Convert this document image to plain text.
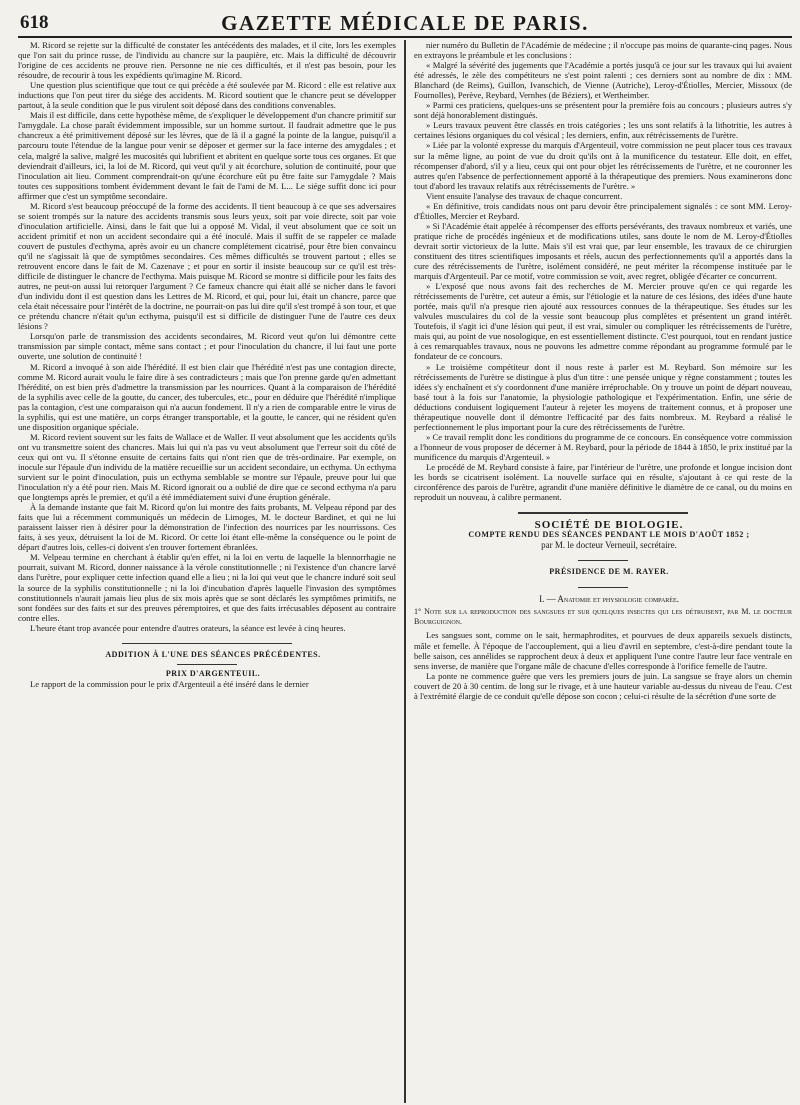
618	GAZETTE MÉDICALE DE PARIS.

M. Ricord se rejette sur la difficulté de constater les antécédents des malades, et il cite, lors les exemples que l'on sait du prince russe, de l'individu au chancre sur la paupière, etc. Mais la difficulté de découvrir l'origine de ces accidents ne prouve rien. Personne ne nie ces difficultés, et il n'est pas besoin, pour les résoudre, de recourir à tous les expédients qu'imagine M. Ricord.

Une question plus scientifique que tout ce qui précède a été soulevée par M. Ricord : elle est relative aux inductions que l'on peut tirer du siége des accidents. M. Ricord soutient que le chancre peut se développer partout, à la seule condition que le pus virulent soit déposé dans des conditions convenables.

Mais il est difficile, dans cette hypothèse même, de s'expliquer le développement d'un chancre primitif sur l'amygdale. La chose paraît évidemment impossible, sur un homme surtout. Il faudrait admettre que le pus chancreux a été primitivement déposé sur les lèvres, que de là il a gagné la pointe de la langue, puisqu'il a parcouru toute l'étendue de la langue pour venir se déposer et germer sur la face interne des amygdales ; et cela, malgré la salive, malgré les mucosités qui lubrifient et abritent en quelque sorte tous ces organes. Et que deviendrait d'ailleurs, ici, la loi de M. Ricord, qui veut qu'il y ait écorchure, solution de continuité, pour que l'inoculation ait lieu. Comment comprendrait-on qu'une écorchure eût pu être faite sur l'amygdale ? Mais toutes ces suppositions tombent évidemment devant le fait de l'ami de M. L... Le siége suffit donc ici pour affirmer que c'est un symptôme secondaire.

M. Ricord s'est beaucoup préoccupé de la forme des accidents. Il tient beaucoup à ce que ses adversaires se soient trompés sur la nature des accidents transmis sous leurs yeux, soit par voie directe, soit par voie d'inoculation artificielle. Ainsi, dans le fait que lui a opposé M. Vidal, il veut absolument que ce soit un accident primitif et non un accident secondaire qui a été inoculé. Mais il suffit de se rappeler ce malade couvert de pustules d'ecthyma, après avoir eu un chancre complétement cicatrisé, pour être bien convaincu qu'il ne s'agissait là que de symptômes secondaires. Ces mêmes difficultés se trouvent partout ; elles se retrouvent encore dans le fait de M. Cazenave ; et pour en sortir il insiste beaucoup sur ce qu'il est très-difficile de distinguer le chancre de l'ecthyma. Mais puisque M. Ricord se montre si difficile pour les faits des autres, ne peut-on aussi lui retorquer l'argument ? Ce fameux chancre qui était allé se nicher dans le favori d'un individu dont il est question dans les Lettres de M. Ricord, et qui, pour lui, était un chancre, parce que cela était nécessaire pour l'intérêt de la doctrine, ne pourrait-on pas lui dire qu'il s'est trompé à son tour, et que ce prétendu chancre n'était qu'un ecthyma, puisqu'il est si difficile de distinguer l'une de l'autre ces deux lésions ?

Lorsqu'on parle de transmission des accidents secondaires, M. Ricord veut qu'on lui démontre cette transmission par simple contact, même sans contact ; et pour l'inoculation du chancre, il lui faut une porte ouverte, une solution de continuité !

M. Ricord a invoqué à son aide l'hérédité. Il est bien clair que l'hérédité n'est pas une contagion directe, comme M. Ricord aurait voulu le faire dire à ses contradicteurs ; mais que l'on prenne garde qu'en admettant l'hérédité, on est bien près d'admettre la transmission par les nourrices. Quant à la comparaison de l'hérédité de la syphilis avec celle de la goutte, du cancer, des tubercules, etc., pour en déduire que l'hérédité n'implique pas la contagion, c'est une comparaison qui n'a aucun fondement. Il n'y a rien de comparable entre le virus de la syphilis, qui est une matière, un corps étranger transportable, et la goutte, le cancer, qui ne résident qu'en une disposition organique spéciale.

M. Ricord revient souvent sur les faits de Wallace et de Waller. Il veut absolument que les accidents qu'ils ont vu transmettre soient des chancres. Mais lui qui n'a pas vu veut absolument que l'erreur soit du côté de ceux qui ont vu. Il s'étonne ensuite de certains faits qui n'ont rien que de très-ordinaire. Par exemple, on inocule sur l'épaule d'un individu de la matière recueillie sur un accident secondaire, un ecthyma. Un ecthyma survient sur le point d'inoculation, puis un ecthyma semblable se montre sur l'épaule, preuve pour lui que l'inoculation n'y a été pour rien. Mais M. Ricord ignorait ou a oublié de dire que ce second ecthyma n'a paru que longtemps après le premier, et qu'il a été immédiatement suivi d'une éruption générale.

À la demande instante que fait M. Ricord qu'on lui montre des faits probants, M. Velpeau répond par des faits que lui a récemment communiqués un médecin de Limoges, M. le docteur Bardinet, et qui ne lui paraissent laisser rien à désirer pour la démonstration de l'infection des nourrices par les nourrissons. Ces faits, à ses yeux, détruisent la loi de M. Ricord. Or cette loi étant elle-même la conséquence ou le point de départ d'autres lois, celles-ci doivent s'en trouver fortement ébranlées.

M. Velpeau termine en cherchant à établir qu'en effet, ni la loi en vertu de laquelle la blennorrhagie ne pourrait, suivant M. Ricord, donner naissance à la vérole constitutionnelle ; ni l'existence d'un chancre larvé dans l'urètre, pour expliquer cette infection quand elle a lieu ; ni la loi qui veut que le chancre induré soit seul la source de la syphilis constitutionnelle ; ni la loi d'incubation d'après laquelle l'invasion des symptômes constitutionnels n'aurait jamais lieu plus de six mois après que se sont déclarés les symptômes primitifs, ne sont fondées sur des faits et sur des preuves péremptoires, et que des faits irrécusables déposent au contraire contre elles.

L'heure étant trop avancée pour entendre d'autres orateurs, la séance est levée à cinq heures.

ADDITION À L'UNE DES SÉANCES PRÉCÉDENTES.

PRIX D'ARGENTEUIL.

Le rapport de la commission pour le prix d'Argenteuil a été inséré dans le dernier

nier numéro du Bulletin de l'Académie de médecine ; il n'occupe pas moins de quarante-cinq pages. Nous en extrayons le préambule et les conclusions :

« Malgré la sévérité des jugements que l'Académie a portés jusqu'à ce jour sur les travaux qui lui avaient été adressés, le zèle des compétiteurs ne s'est point ralenti ; ces derniers sont au nombre de dix : MM. Blanchard (de Reims), Guillon, Ivanschich, de Vienne (Autriche), Leroy-d'Étiolles, Mercier, Missoux (de Fournolles), Perève, Reybard, Vernhes (de Béziers), et Wertheimber.

» Parmi ces praticiens, quelques-uns se présentent pour la première fois au concours ; plusieurs autres s'y sont déjà honorablement distingués.

» Leurs travaux peuvent être classés en trois catégories ; les uns sont relatifs à la lithotritie, les autres à certaines lésions organiques du col vésical ; les derniers, enfin, aux rétrécissements de l'urètre.

» Liée par la volonté expresse du marquis d'Argenteuil, votre commission ne peut placer tous ces travaux sur la même ligne, au point de vue du droit qu'ils ont à la munificence du testateur. Elle doit, en effet, récompenser d'abord, s'il y a lieu, ceux qui ont pour objet les rétrécissements de l'urètre, et ne couronner les autres qu'en l'absence de perfectionnement apporté à la thérapeutique des premiers. Nous examinerons donc tout d'abord les travaux relatifs aux rétrécissements de l'urètre. »

Vient ensuite l'analyse des travaux de chaque concurrent.

« En définitive, trois candidats nous ont paru devoir être principalement signalés : ce sont MM. Leroy-d'Étiolles, Mercier et Reybard.

» Si l'Académie était appelée à récompenser des efforts persévérants, des travaux nombreux et variés, une pratique riche de procédés ingénieux et de modifications utiles, sans doute le nom de M. Leroy-d'Étiolles devrait sortir victorieux de la lutte. Mais s'il est vrai que, par leur ensemble, les travaux de ce chirurgien constituent des titres scientifiques imposants et réels, aucun des perfectionnements qu'il a apportés dans la cure des rétrécissements de l'urètre, isolément considéré, ne peut mériter la récompense instituée par le marquis d'Argenteuil. Par ce motif, votre commission se voit, avec regret, obligée d'écarter ce concurrent.

» L'exposé que nous avons fait des recherches de M. Mercier prouve qu'en ce qui regarde les rétrécissements de l'urètre, cet auteur a émis, sur l'étiologie et la nature de ces lésions, des idées d'une haute portée, mais qu'il n'a presque rien ajouté aux ressources connues de la thérapeutique. Ses études sur les valvules musculaires du col de la vessie sont beaucoup plus complètes et présentent un grand intérêt. Toutefois, il s'agit ici d'une lésion qui peut, il est vrai, simuler ou compliquer les rétrécissements de l'urètre, mais qui, au point de vue nosologique, en est essentiellement distincte. C'est pourquoi, tout en rendant justice à ces remarquables travaux, nous ne pouvons les admettre comme répondant au programme formulé par le fondateur de ce concours.

» Le troisième compétiteur dont il nous reste à parler est M. Reybard. Son mémoire sur les rétrécissements de l'urètre se distingue à plus d'un titre : une pensée unique y règne constamment ; toutes les idées s'y enchaînent et s'y coordonnent d'une manière irréprochable. On y trouve un point de départ nouveau, basé tout à la fois sur l'anatomie, la physiologie pathologique et l'expérimentation. Enfin, une série de déductions conduisent logiquement l'auteur à rejeter les moyens de traitement connus, et à proposer une thérapeutique nouvelle dont il démontre l'efficacité par des faits nombreux. M. Reybard a réalisé le perfectionnement le plus important pour la cure des rétrécissements de l'urètre.

» Ce travail remplit donc les conditions du programme de ce concours. En conséquence votre commission a l'honneur de vous proposer de décerner à M. Reybard, pour la période de 1844 à 1850, le prix institué par la munificence du marquis d'Argenteuil. »

Le procédé de M. Reybard consiste à faire, par l'intérieur de l'urètre, une profonde et longue incision dont les bords se cicatrisent isolément. La nouvelle surface qui en résulte, s'ajoutant à ce qui reste de la circonférence des parois de l'urètre, agrandit d'une manière définitive le diamètre de ce canal, ou du moins en reproduit un nouveau, à calibre permanent.

SOCIÉTÉ DE BIOLOGIE.

COMPTE RENDU DES SÉANCES PENDANT LE MOIS D'AOÛT 1852 ;

par M. le docteur Verneuil, secrétaire.

PRÉSIDENCE DE M. RAYER.

I. — Anatomie et physiologie comparée.

1° Note sur la reproduction des sangsues et sur quelques insectes qui les détruisent, par M. le docteur Bourguignon.

Les sangsues sont, comme on le sait, hermaphrodites, et pourvues de deux appareils sexuels distincts, mâle et femelle. À l'époque de l'accouplement, qui a lieu d'avril en septembre, c'est-à-dire pendant toute la belle saison, ces annélides se rapprochent deux à deux et appliquent l'une contre l'autre leur face ventrale en sens inverse, de manière que l'organe mâle de chacune d'elles corresponde à l'orifice femelle de l'autre.

La ponte ne commence guère que vers les premiers jours de juin. La sangsue se fraye alors un chemin couvert de 20 à 30 centim. de long sur le rivage, et à une hauteur variable au-dessus du niveau de l'eau. C'est à l'extrémité élargie de ce conduit qu'elle dépose son cocon ; celui-ci résulte de la sécrétion d'une sorte de
